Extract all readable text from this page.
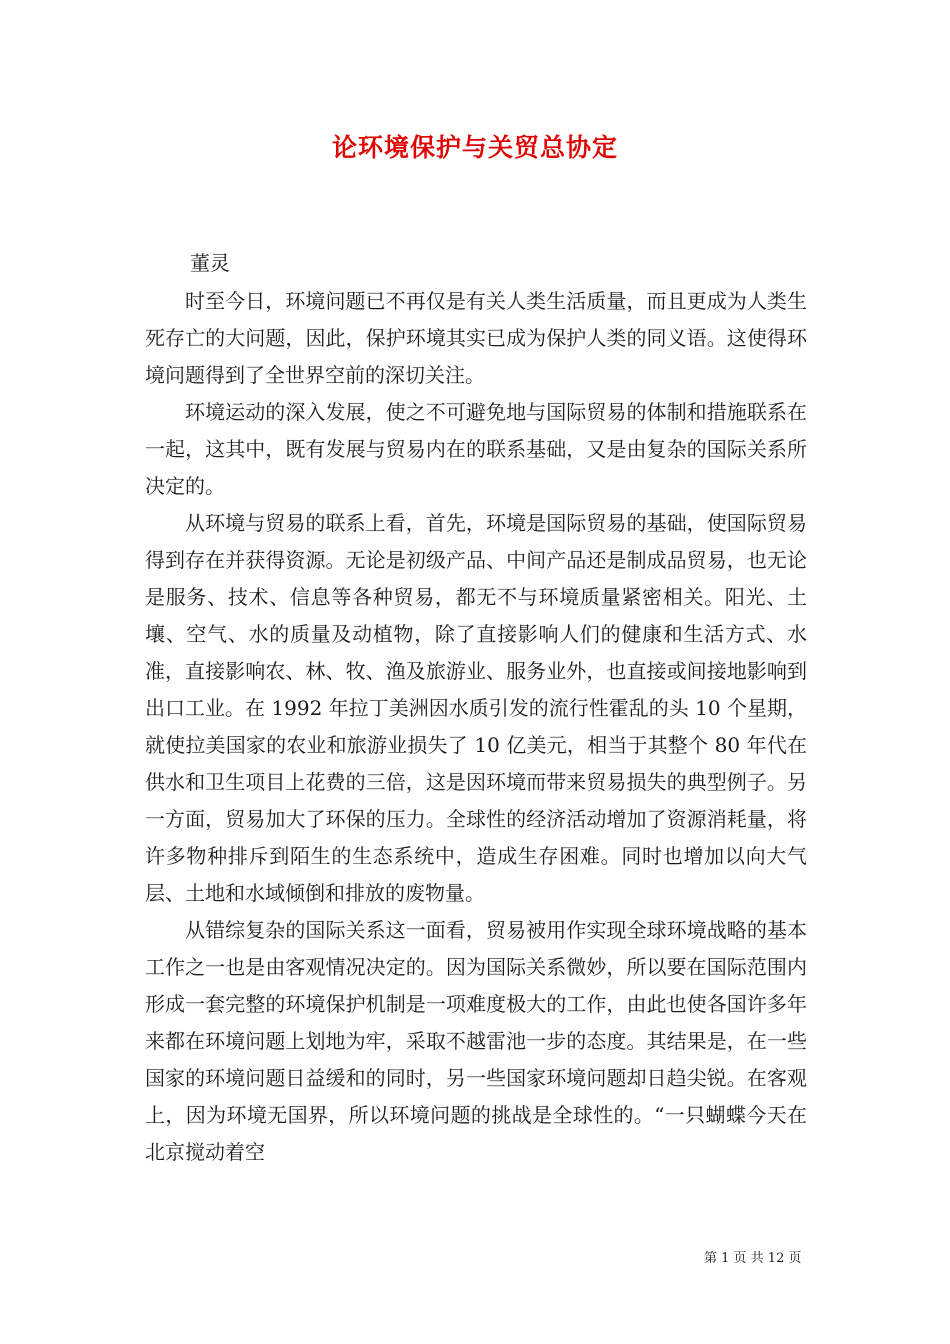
论环境保护与关贸总协定
董灵

时至今日，环境问题已不再仅是有关人类生活质量，而且更成为人类生死存亡的大问题，因此，保护环境其实已成为保护人类的同义语。这使得环境问题得到了全世界空前的深切关注。

环境运动的深入发展，使之不可避免地与国际贸易的体制和措施联系在一起，这其中，既有发展与贸易内在的联系基础，又是由复杂的国际关系所决定的。

从环境与贸易的联系上看，首先，环境是国际贸易的基础，使国际贸易得到存在并获得资源。无论是初级产品、中间产品还是制成品贸易，也无论是服务、技术、信息等各种贸易，都无不与环境质量紧密相关。阳光、土壤、空气、水的质量及动植物，除了直接影响人们的健康和生活方式、水准，直接影响农、林、牧、渔及旅游业、服务业外，也直接或间接地影响到出口工业。在 1992 年拉丁美洲因水质引发的流行性霍乱的头 10 个星期，就使拉美国家的农业和旅游业损失了 10 亿美元，相当于其整个 80 年代在供水和卫生项目上花费的三倍，这是因环境而带来贸易损失的典型例子。另一方面，贸易加大了环保的压力。全球性的经济活动增加了资源消耗量，将许多物种排斥到陌生的生态系统中，造成生存困难。同时也增加以向大气层、土地和水域倾倒和排放的废物量。

从错综复杂的国际关系这一面看，贸易被用作实现全球环境战略的基本工作之一也是由客观情况决定的。因为国际关系微妙，所以要在国际范围内形成一套完整的环境保护机制是一项难度极大的工作，由此也使各国许多年来都在环境问题上划地为牢，采取不越雷池一步的态度。其结果是，在一些国家的环境问题日益缓和的同时，另一些国家环境问题却日趋尖锐。在客观上，因为环境无国界，所以环境问题的挑战是全球性的。“一只蝴蝶今天在北京搅动着空

第 1 页 共 12 页
